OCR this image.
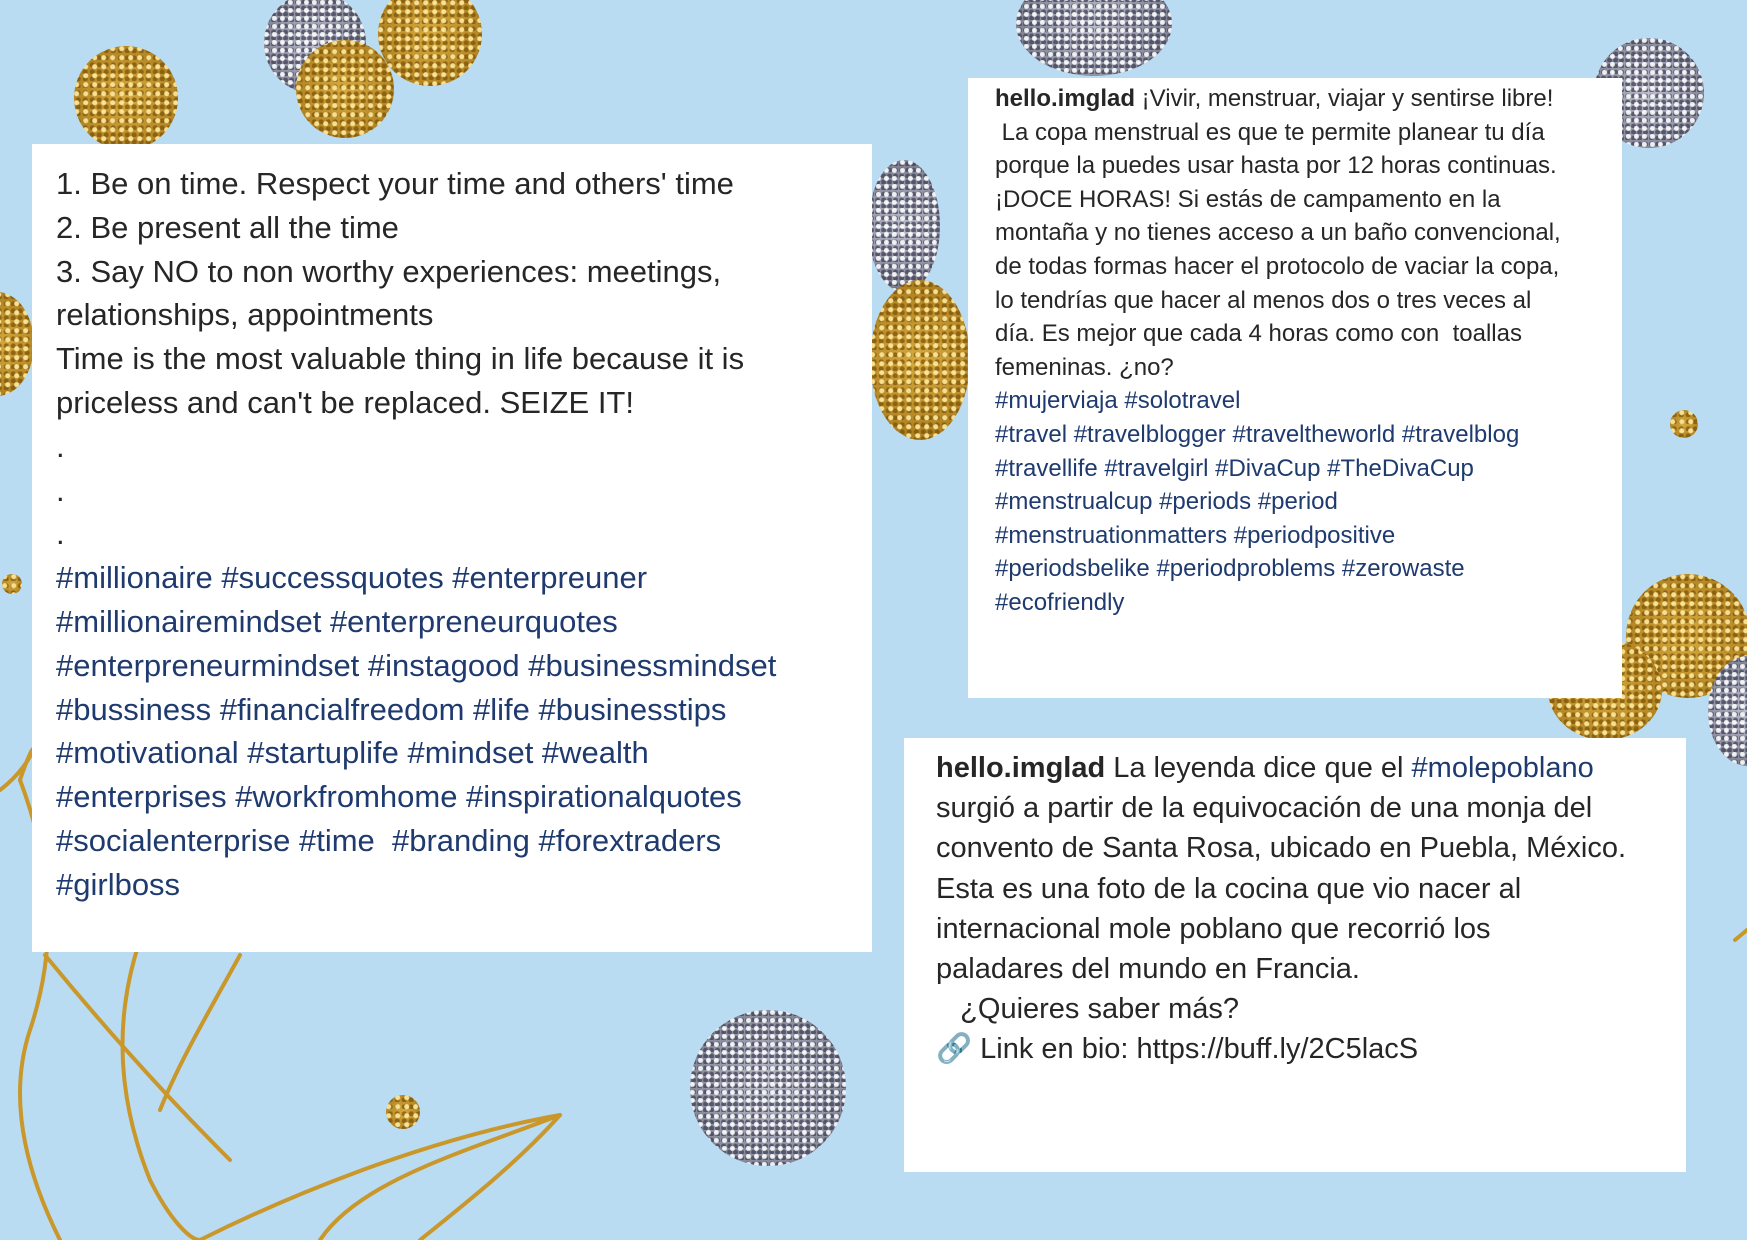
1. Be on time. Respect your time and others' time
2. Be present all the time
3. Say NO to non worthy experiences: meetings,
relationships, appointments
Time is the most valuable thing in life because it is
priceless and can't be replaced. SEIZE IT!
.
.
.
#millionaire #successquotes #enterpreuner
#millionairemindset #enterpreneurquotes
#enterpreneurmindset #instagood #businessmindset
#bussiness #financialfreedom #life #businesstips
#motivational #startuplife #mindset #wealth
#enterprises #workfromhome #inspirationalquotes
#socialenterprise #time  #branding #forextraders
#girlboss
hello.imglad ¡Vivir, menstruar, viajar y sentirse libre!
La copa menstrual es que te permite planear tu día
porque la puedes usar hasta por 12 horas continuas.
¡DOCE HORAS! Si estás de campamento en la
montaña y no tienes acceso a un baño convencional,
de todas formas hacer el protocolo de vaciar la copa,
lo tendrías que hacer al menos dos o tres veces al
día. Es mejor que cada 4 horas como con  toallas
femeninas. ¿no?
#mujerviaja #solotravel
#travel #travelblogger #traveltheworld #travelblog
#travellife #travelgirl #DivaCup #TheDivaCup
#menstrualcup #periods #period
#menstruationmatters #periodpositive
#periodsbelike #periodproblems #zerowaste
#ecofriendly
hello.imglad La leyenda dice que el #molepoblano
surgió a partir de la equivocación de una monja del
convento de Santa Rosa, ubicado en Puebla, México.
Esta es una foto de la cocina que vio nacer al
internacional mole poblano que recorrió los
paladares del mundo en Francia.
¿Quieres saber más?
🔗 Link en bio: https://buff.ly/2C5lacS
